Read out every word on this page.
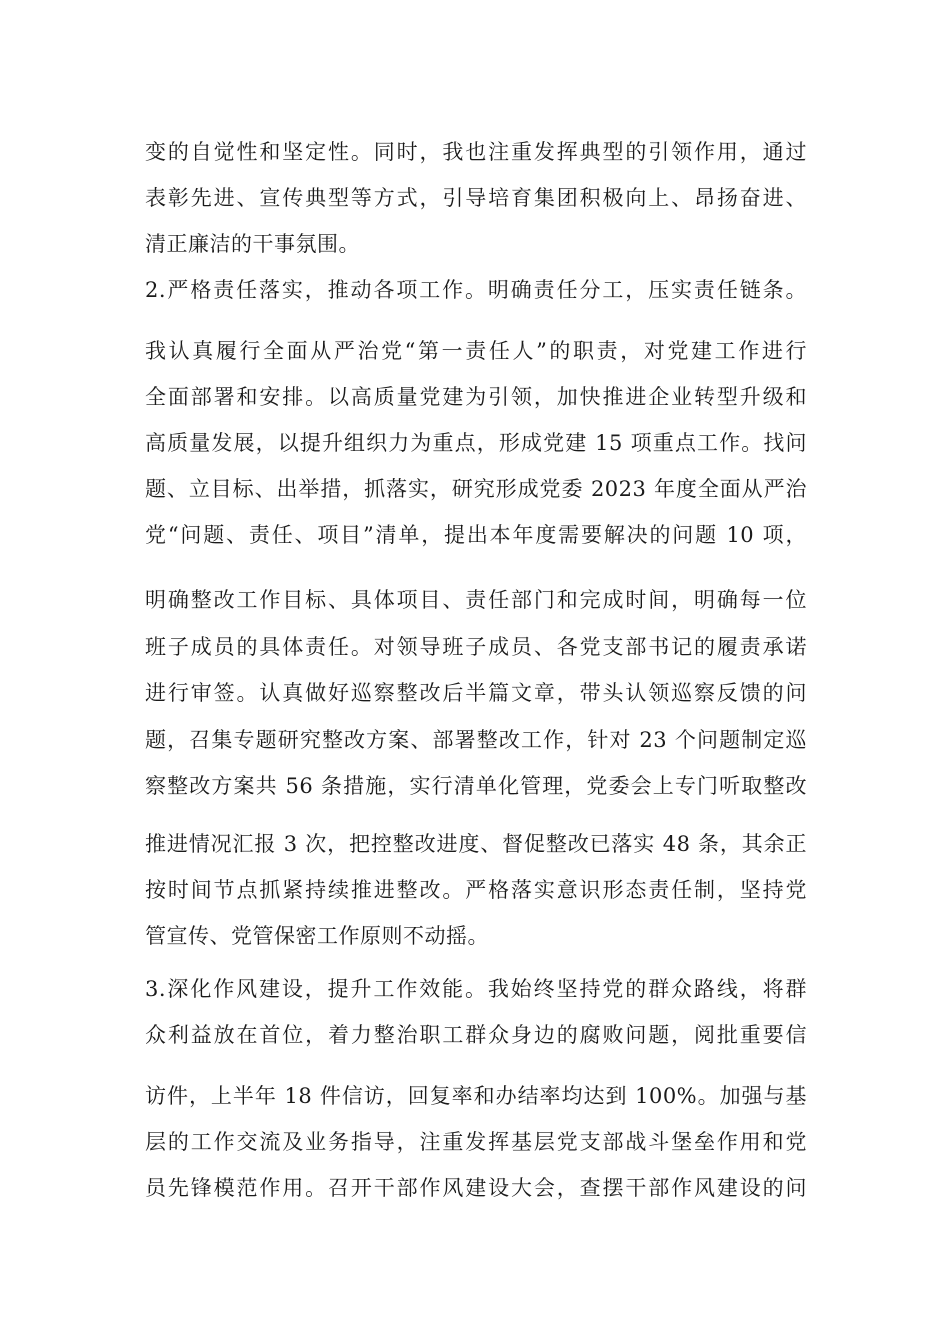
变的自觉性和坚定性。同时，我也注重发挥典型的引领作用，通过
表彰先进、宣传典型等方式，引导培育集团积极向上、昂扬奋进、
清正廉洁的干事氛围。
2.严格责任落实，推动各项工作。明确责任分工，压实责任链条。
我认真履行全面从严治党“第一责任人”的职责，对党建工作进行
全面部署和安排。以高质量党建为引领，加快推进企业转型升级和
高质量发展，以提升组织力为重点，形成党建 15 项重点工作。找问
题、立目标、出举措，抓落实，研究形成党委 2023 年度全面从严治
党“问题、责任、项目”清单，提出本年度需要解决的问题 10 项，
明确整改工作目标、具体项目、责任部门和完成时间，明确每一位
班子成员的具体责任。对领导班子成员、各党支部书记的履责承诺
进行审签。认真做好巡察整改后半篇文章，带头认领巡察反馈的问
题，召集专题研究整改方案、部署整改工作，针对 23 个问题制定巡
察整改方案共 56 条措施，实行清单化管理，党委会上专门听取整改
推进情况汇报 3 次，把控整改进度、督促整改已落实 48 条，其余正
按时间节点抓紧持续推进整改。严格落实意识形态责任制，坚持党
管宣传、党管保密工作原则不动摇。
3.深化作风建设，提升工作效能。我始终坚持党的群众路线，将群
众利益放在首位，着力整治职工群众身边的腐败问题，阅批重要信
访件，上半年 18 件信访，回复率和办结率均达到 100%。加强与基
层的工作交流及业务指导，注重发挥基层党支部战斗堡垒作用和党
员先锋模范作用。召开干部作风建设大会，查摆干部作风建设的问
